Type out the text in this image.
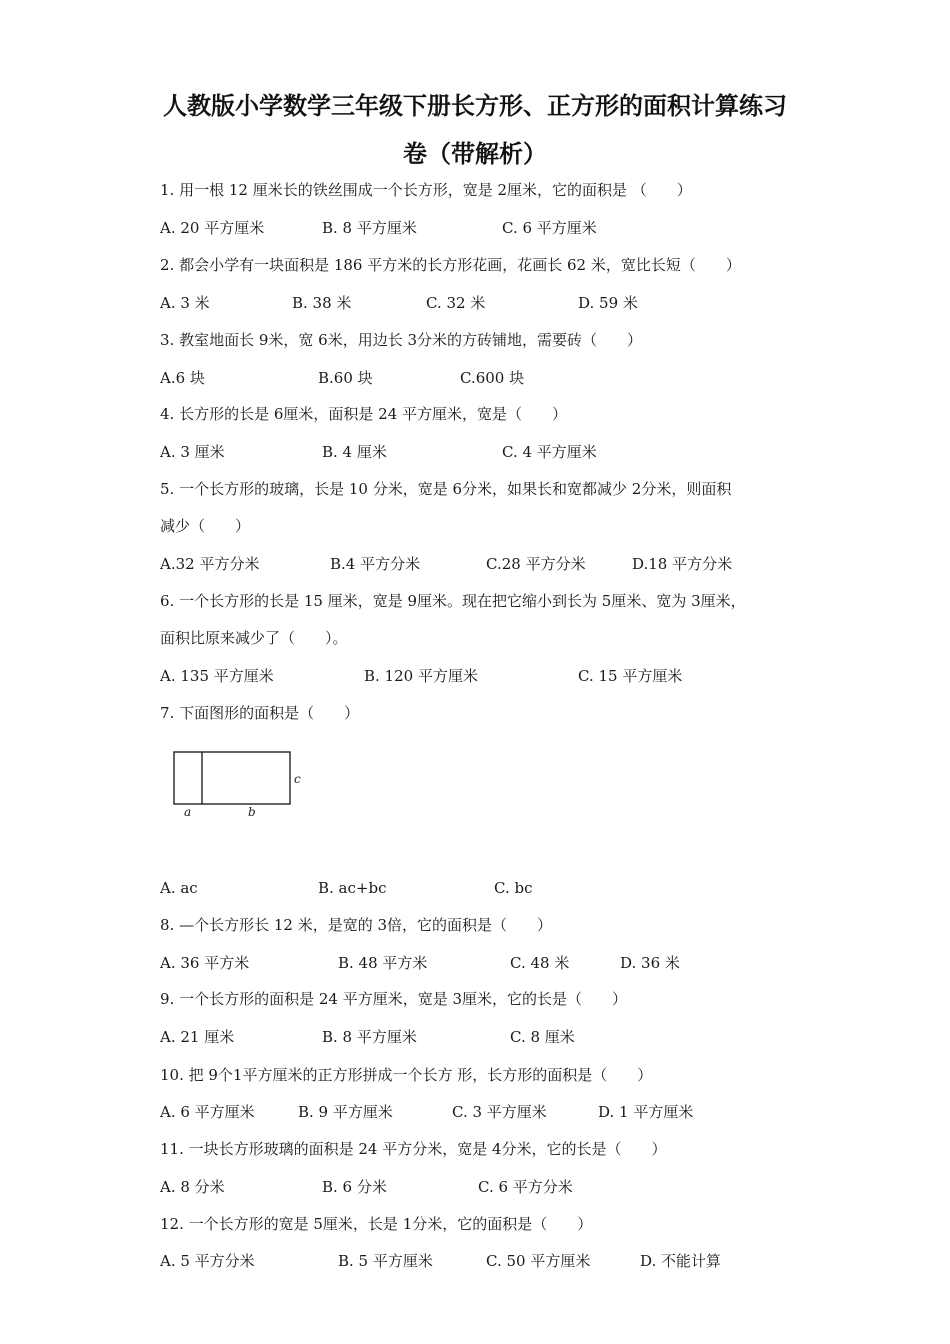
人教版小学数学三年级下册长方形、正方形的面积计算练习
卷（带解析）
1. 用一根 12 厘米长的铁丝围成一个长方形，宽是 2厘米，它的面积是 （　　）
A. 20 平方厘米	B. 8 平方厘米	C. 6 平方厘米
2. 都会小学有一块面积是 186 平方米的长方形花画，花画长 62 米，宽比长短（　　）
A. 3 米	B. 38 米	C. 32 米	D. 59 米
3. 教室地面长 9米，宽 6米，用边长 3分米的方砖铺地，需要砖（　　）
A.6 块	B.60 块	C.600 块
4. 长方形的长是 6厘米，面积是 24 平方厘米，宽是（　　）
A. 3 厘米	B. 4 厘米	C. 4 平方厘米
5. 一个长方形的玻璃，长是 10 分米，宽是 6分米，如果长和宽都减少 2分米，则面积
减少（　　）
A.32 平方分米	B.4 平方分米	C.28 平方分米	D.18 平方分米
6. 一个长方形的长是 15 厘米，宽是 9厘米。现在把它缩小到长为 5厘米、宽为 3厘米，
面积比原来减少了（　　）。
A. 135 平方厘米	B. 120 平方厘米	C. 15 平方厘米
7. 下面图形的面积是（　　）
a	b
c
A. ac	B. ac+bc	C. bc
8. —个长方形长 12 米，是宽的 3倍，它的面积是（　　）
A. 36 平方米	B. 48 平方米	C. 48 米	D. 36 米
9. 一个长方形的面积是 24 平方厘米，宽是 3厘米，它的长是（　　）
A. 21 厘米	B. 8 平方厘米	C. 8 厘米
10. 把 9个1平方厘米的正方形拼成一个长方 形，长方形的面积是（　　）
A. 6 平方厘米	B. 9 平方厘米	C. 3 平方厘米	D. 1 平方厘米
11. 一块长方形玻璃的面积是 24 平方分米，宽是 4分米，它的长是（　　）
A. 8 分米	B. 6 分米	C. 6 平方分米
12. 一个长方形的宽是 5厘米，长是 1分米，它的面积是（　　）
A. 5 平方分米	B. 5 平方厘米	C. 50 平方厘米	D. 不能计算
